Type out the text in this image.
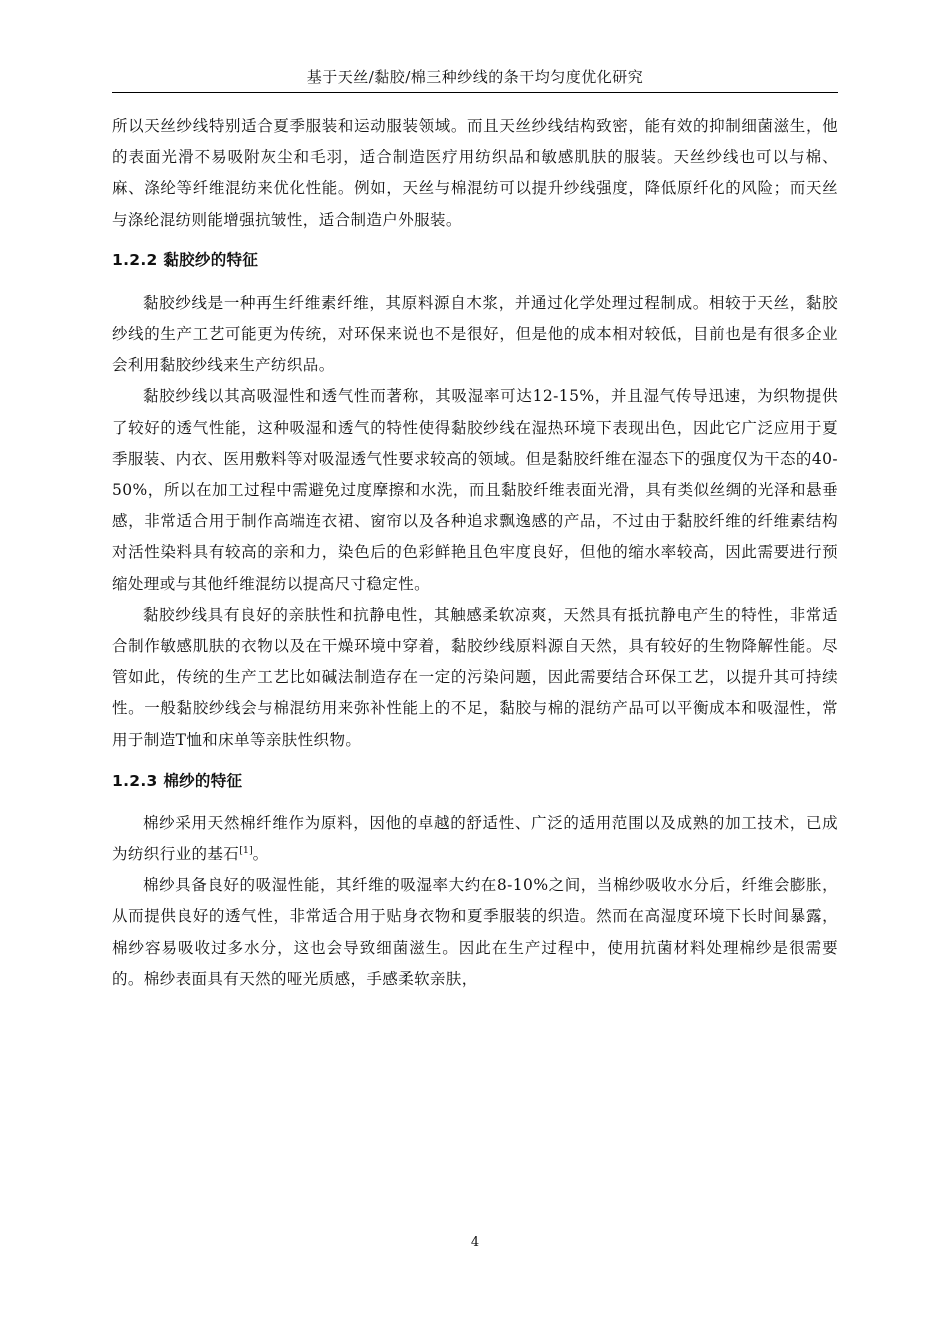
基于天丝/黏胶/棉三种纱线的条干均匀度优化研究

所以天丝纱线特别适合夏季服装和运动服装领域。而且天丝纱线结构致密，能有效的抑制细菌滋生，他的表面光滑不易吸附灰尘和毛羽，适合制造医疗用纺织品和敏感肌肤的服装。天丝纱线也可以与棉、麻、涤纶等纤维混纺来优化性能。例如，天丝与棉混纺可以提升纱线强度，降低原纤化的风险；而天丝与涤纶混纺则能增强抗皱性，适合制造户外服装。

1.2.2 黏胶纱的特征

黏胶纱线是一种再生纤维素纤维，其原料源自木浆，并通过化学处理过程制成。相较于天丝，黏胶纱线的生产工艺可能更为传统，对环保来说也不是很好，但是他的成本相对较低，目前也是有很多企业会利用黏胶纱线来生产纺织品。

黏胶纱线以其高吸湿性和透气性而著称，其吸湿率可达12-15%，并且湿气传导迅速，为织物提供了较好的透气性能，这种吸湿和透气的特性使得黏胶纱线在湿热环境下表现出色，因此它广泛应用于夏季服装、内衣、医用敷料等对吸湿透气性要求较高的领域。但是黏胶纤维在湿态下的强度仅为干态的40-50%，所以在加工过程中需避免过度摩擦和水洗，而且黏胶纤维表面光滑，具有类似丝绸的光泽和悬垂感，非常适合用于制作高端连衣裙、窗帘以及各种追求飘逸感的产品，不过由于黏胶纤维的纤维素结构对活性染料具有较高的亲和力，染色后的色彩鲜艳且色牢度良好，但他的缩水率较高，因此需要进行预缩处理或与其他纤维混纺以提高尺寸稳定性。

黏胶纱线具有良好的亲肤性和抗静电性，其触感柔软凉爽，天然具有抵抗静电产生的特性，非常适合制作敏感肌肤的衣物以及在干燥环境中穿着，黏胶纱线原料源自天然，具有较好的生物降解性能。尽管如此，传统的生产工艺比如碱法制造存在一定的污染问题，因此需要结合环保工艺，以提升其可持续性。一般黏胶纱线会与棉混纺用来弥补性能上的不足，黏胶与棉的混纺产品可以平衡成本和吸湿性，常用于制造T恤和床单等亲肤性织物。

1.2.3 棉纱的特征

棉纱采用天然棉纤维作为原料，因他的卓越的舒适性、广泛的适用范围以及成熟的加工技术，已成为纺织行业的基石[1]。

棉纱具备良好的吸湿性能，其纤维的吸湿率大约在8-10%之间，当棉纱吸收水分后，纤维会膨胀，从而提供良好的透气性，非常适合用于贴身衣物和夏季服装的织造。然而在高湿度环境下长时间暴露，棉纱容易吸收过多水分，这也会导致细菌滋生。因此在生产过程中，使用抗菌材料处理棉纱是很需要的。棉纱表面具有天然的哑光质感，手感柔软亲肤，

4
